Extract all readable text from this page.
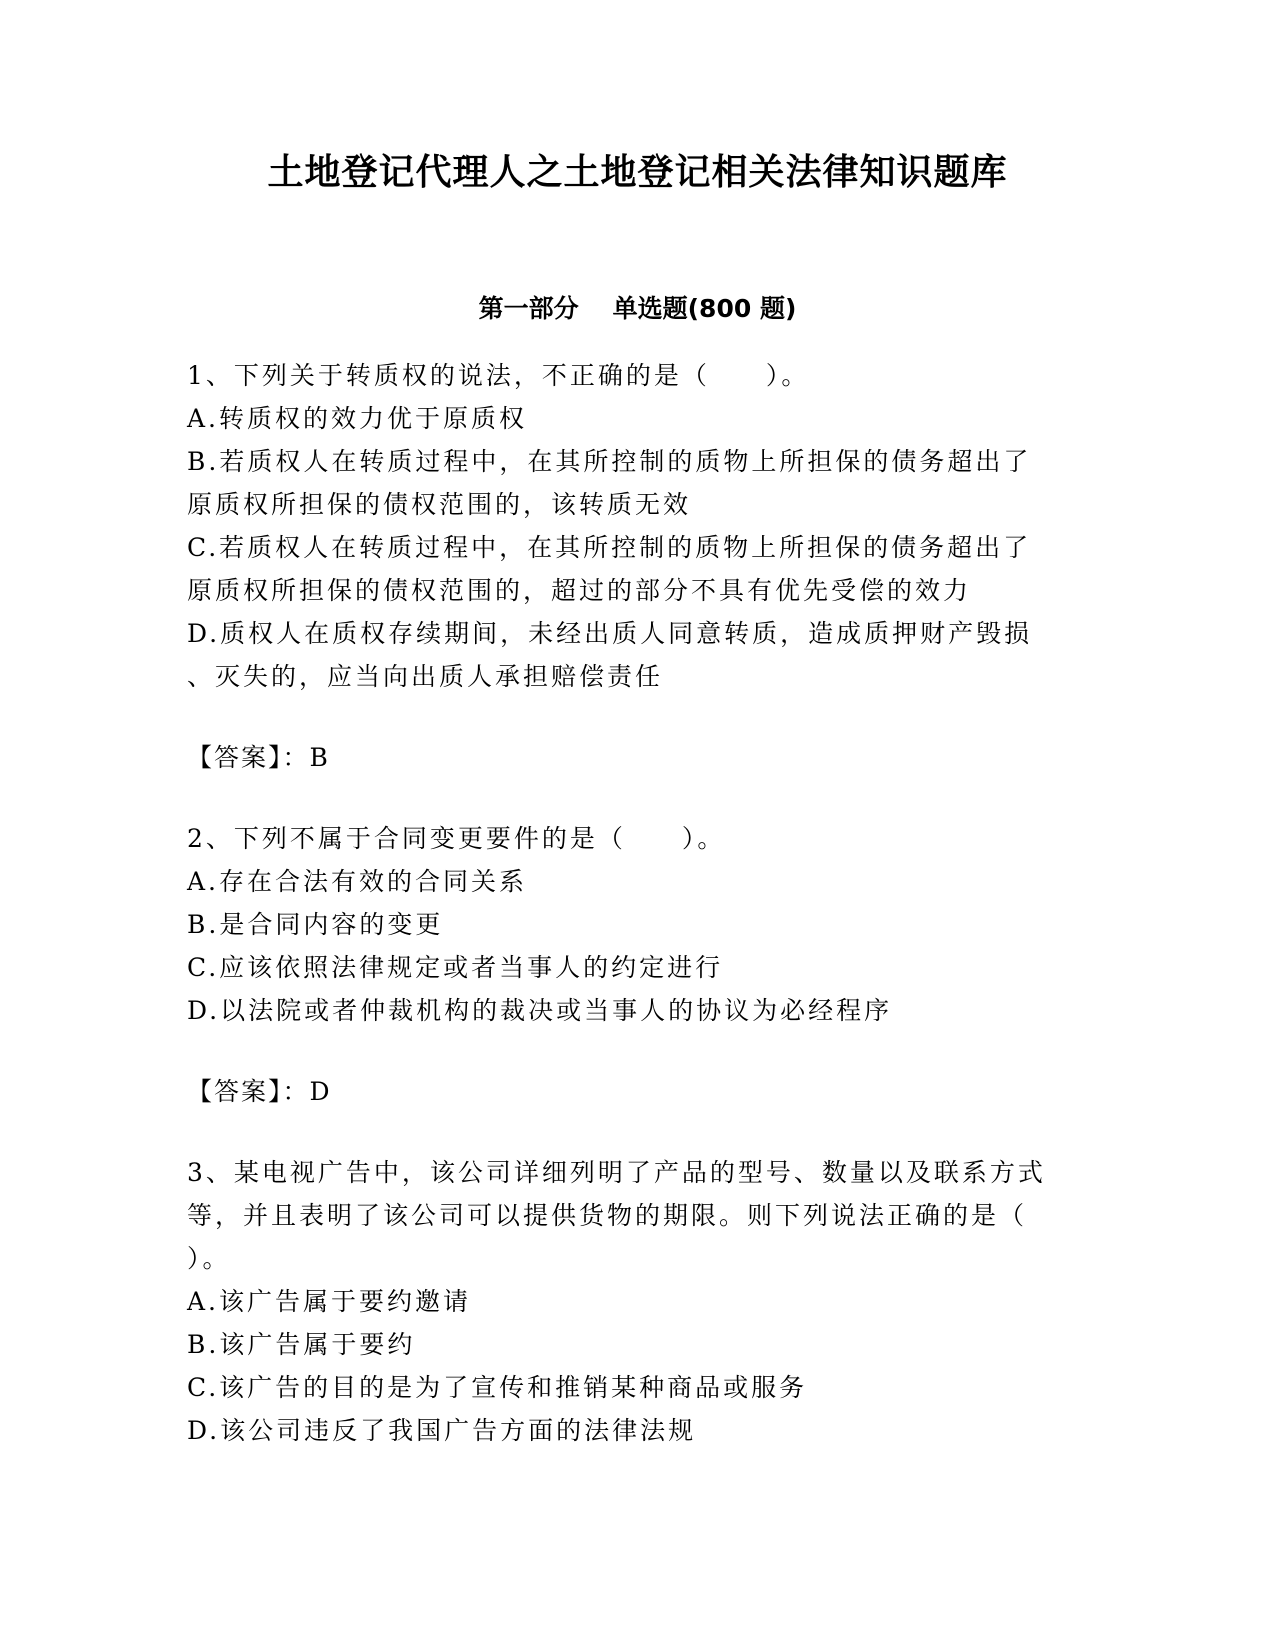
土地登记代理人之土地登记相关法律知识题库
第一部分 单选题(800 题)
1、下列关于转质权的说法，不正确的是（　　）。
A.转质权的效力优于原质权
B.若质权人在转质过程中，在其所控制的质物上所担保的债务超出了
原质权所担保的债权范围的，该转质无效
C.若质权人在转质过程中，在其所控制的质物上所担保的债务超出了
原质权所担保的债权范围的，超过的部分不具有优先受偿的效力
D.质权人在质权存续期间，未经出质人同意转质，造成质押财产毁损
、灭失的，应当向出质人承担赔偿责任
【答案】：B
2、下列不属于合同变更要件的是（　　）。
A.存在合法有效的合同关系
B.是合同内容的变更
C.应该依照法律规定或者当事人的约定进行
D.以法院或者仲裁机构的裁决或当事人的协议为必经程序
【答案】：D
3、某电视广告中，该公司详细列明了产品的型号、数量以及联系方式
等，并且表明了该公司可以提供货物的期限。则下列说法正确的是（
）。
A.该广告属于要约邀请
B.该广告属于要约
C.该广告的目的是为了宣传和推销某种商品或服务
D.该公司违反了我国广告方面的法律法规
